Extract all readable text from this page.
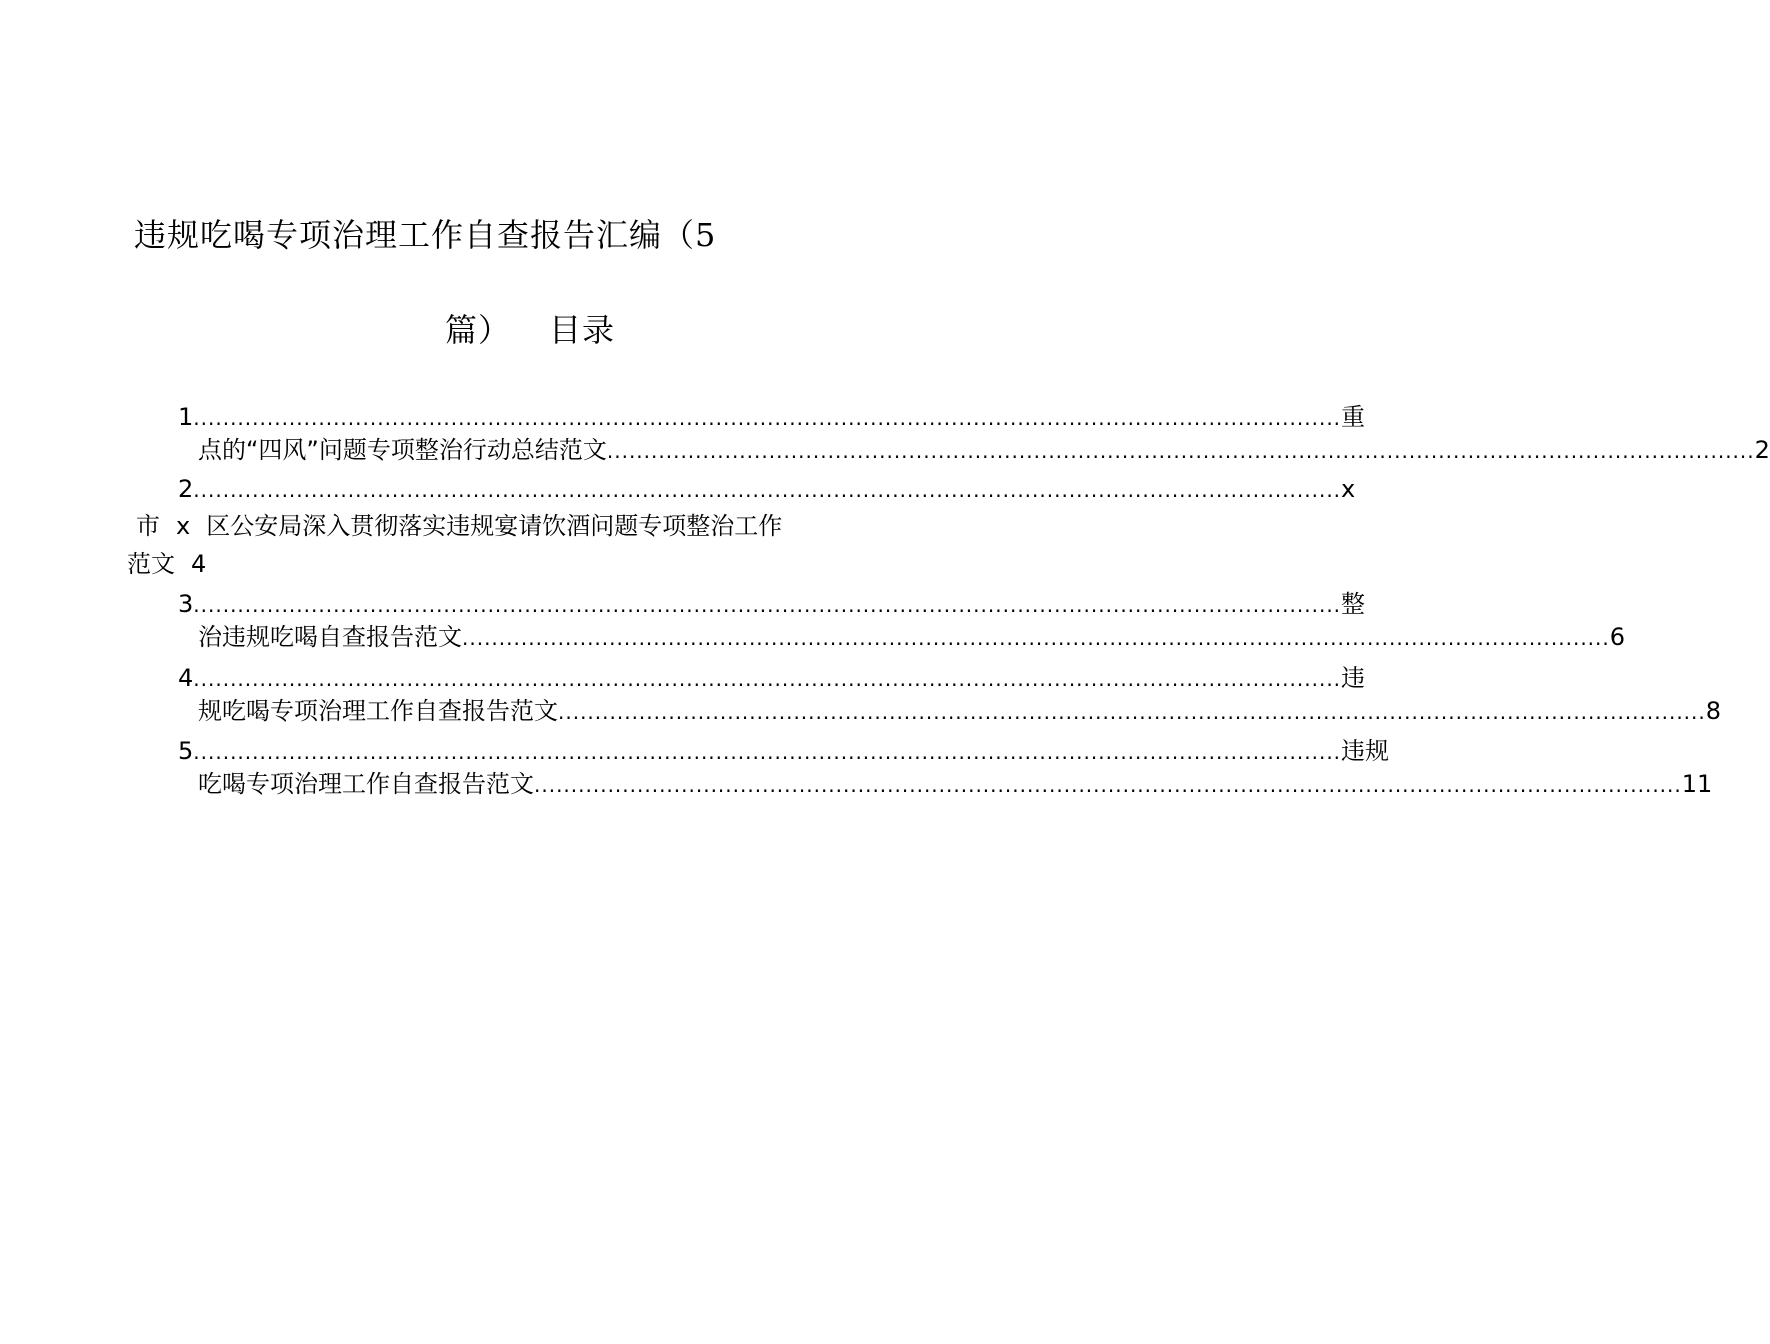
违规吃喝专项治理工作自查报告汇编（5
篇） 目录
1 ............................................................................................................................................................ 重
点的“四风”问题专项整治行动总结范文 ............................................................................................................................................................ 2
2 ............................................................................................................................................................ x
市 x 区公安局深入贯彻落实违规宴请饮酒问题专项整治工作
范文 4
3 ............................................................................................................................................................ 整
治违规吃喝自查报告范文 ............................................................................................................................................................ 6
4 ............................................................................................................................................................ 违
规吃喝专项治理工作自查报告范文 ............................................................................................................................................................ 8
5 ............................................................................................................................................................ 违规
吃喝专项治理工作自查报告范文 ............................................................................................................................................................ 11
